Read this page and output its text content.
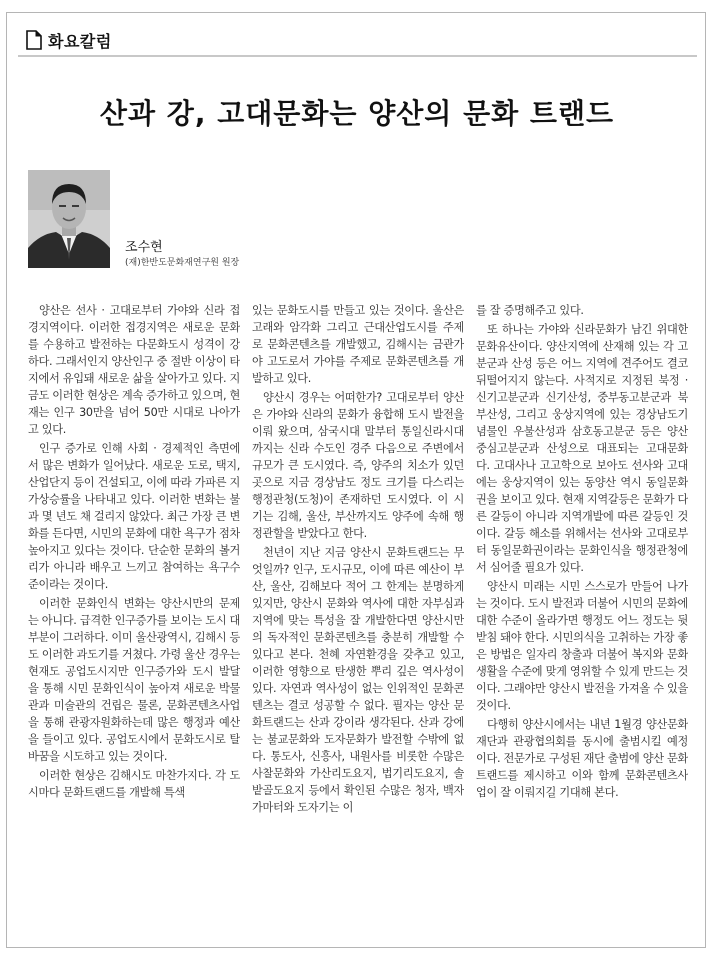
화요칼럼
산과 강, 고대문화는 양산의 문화 트랜드
조수현
(재)한반도문화재연구원 원장

양산은 선사 · 고대로부터 가야와 신라 접경지역이다. 이러한 접경지역은 새로운 문화를 수용하고 발전하는 다문화도시 성격이 강하다. 그래서인지 양산인구 중 절반 이상이 타지에서 유입돼 새로운 삶을 살아가고 있다. 지금도 이러한 현상은 계속 증가하고 있으며, 현재는 인구 30만을 넘어 50만 시대로 나아가고 있다.

인구 증가로 인해 사회 · 경제적인 측면에서 많은 변화가 일어났다. 새로운 도로, 택지, 산업단지 등이 건설되고, 이에 따라 가파른 지가상승률을 나타내고 있다. 이러한 변화는 불과 몇 년도 채 걸리지 않았다. 최근 가장 큰 변화를 든다면, 시민의 문화에 대한 욕구가 점차 높아지고 있다는 것이다. 단순한 문화의 볼거리가 아니라 배우고 느끼고 참여하는 욕구수준이라는 것이다.

이러한 문화인식 변화는 양산시만의 문제는 아니다. 급격한 인구증가를 보이는 도시 대부분이 그러하다. 이미 울산광역시, 김해시 등도 이러한 과도기를 거쳤다. 가령 울산 경우는 현재도 공업도시지만 인구증가와 도시 발달을 통해 시민 문화인식이 높아져 새로운 박물관과 미술관의 건립은 물론, 문화콘텐츠사업을 통해 관광자원화하는데 많은 행정과 예산을 들이고 있다. 공업도시에서 문화도시로 탈바꿈을 시도하고 있는 것이다.

이러한 현상은 김해시도 마찬가지다. 각 도시마다 문화트랜드를 개발해 특색

있는 문화도시를 만들고 있는 것이다. 울산은 고래와 암각화 그리고 근대산업도시를 주제로 문화콘텐츠를 개발했고, 김해시는 금관가야 고도로서 가야를 주제로 문화콘텐츠를 개발하고 있다.

양산시 경우는 어떠한가? 고대로부터 양산은 가야와 신라의 문화가 융합해 도시 발전을 이뤄 왔으며, 삼국시대 말부터 통일신라시대까지는 신라 수도인 경주 다음으로 주변에서 규모가 큰 도시였다. 즉, 양주의 치소가 있던 곳으로 지금 경상남도 정도 크기를 다스리는 행정관청(도청)이 존재하던 도시였다. 이 시기는 김해, 울산, 부산까지도 양주에 속해 행정관할을 받았다고 한다.

천년이 지난 지금 양산시 문화트랜드는 무엇일까? 인구, 도시규모, 이에 따른 예산이 부산, 울산, 김해보다 적어 그 한계는 분명하게 있지만, 양산시 문화와 역사에 대한 자부심과 지역에 맞는 특성을 잘 개발한다면 양산시만의 독자적인 문화콘텐츠를 충분히 개발할 수 있다고 본다. 천혜 자연환경을 갖추고 있고, 이러한 영향으로 탄생한 뿌리 깊은 역사성이 있다. 자연과 역사성이 없는 인위적인 문화콘텐츠는 결코 성공할 수 없다. 필자는 양산 문화트랜드는 산과 강이라 생각된다. 산과 강에는 불교문화와 도자문화가 발전할 수밖에 없다. 통도사, 신흥사, 내원사를 비롯한 수많은 사찰문화와 가산리도요지, 법기리도요지, 솔밭골도요지 등에서 확인된 수많은 청자, 백자 가마터와 도자기는 이

를 잘 증명해주고 있다.

또 하나는 가야와 신라문화가 남긴 위대한 문화유산이다. 양산지역에 산재해 있는 각 고분군과 산성 등은 어느 지역에 견주어도 결코 뒤떨어지지 않는다. 사적지로 지정된 북정 · 신기고분군과 신기산성, 중부동고분군과 북부산성, 그리고 웅상지역에 있는 경상남도기념물인 우불산성과 삼호동고분군 등은 양산 중심고분군과 산성으로 대표되는 고대문화다. 고대사나 고고학으로 보아도 선사와 고대에는 웅상지역이 있는 동양산 역시 동일문화권을 보이고 있다. 현재 지역갈등은 문화가 다른 갈등이 아니라 지역개발에 따른 갈등인 것이다. 갈등 해소를 위해서는 선사와 고대로부터 동일문화권이라는 문화인식을 행정관청에서 심어줄 필요가 있다.

양산시 미래는 시민 스스로가 만들어 나가는 것이다. 도시 발전과 더불어 시민의 문화에 대한 수준이 올라가면 행정도 어느 정도는 뒷받침 돼야 한다. 시민의식을 고취하는 가장 좋은 방법은 일자리 창출과 더불어 복지와 문화생활을 수준에 맞게 영위할 수 있게 만드는 것이다. 그래야만 양산시 발전을 가져올 수 있을 것이다.

다행히 양산시에서는 내년 1월경 양산문화재단과 관광협의회를 동시에 출범시킬 예정이다. 전문가로 구성된 재단 출범에 양산 문화트랜드를 제시하고 이와 함께 문화콘텐츠사업이 잘 이뤄지길 기대해 본다.
